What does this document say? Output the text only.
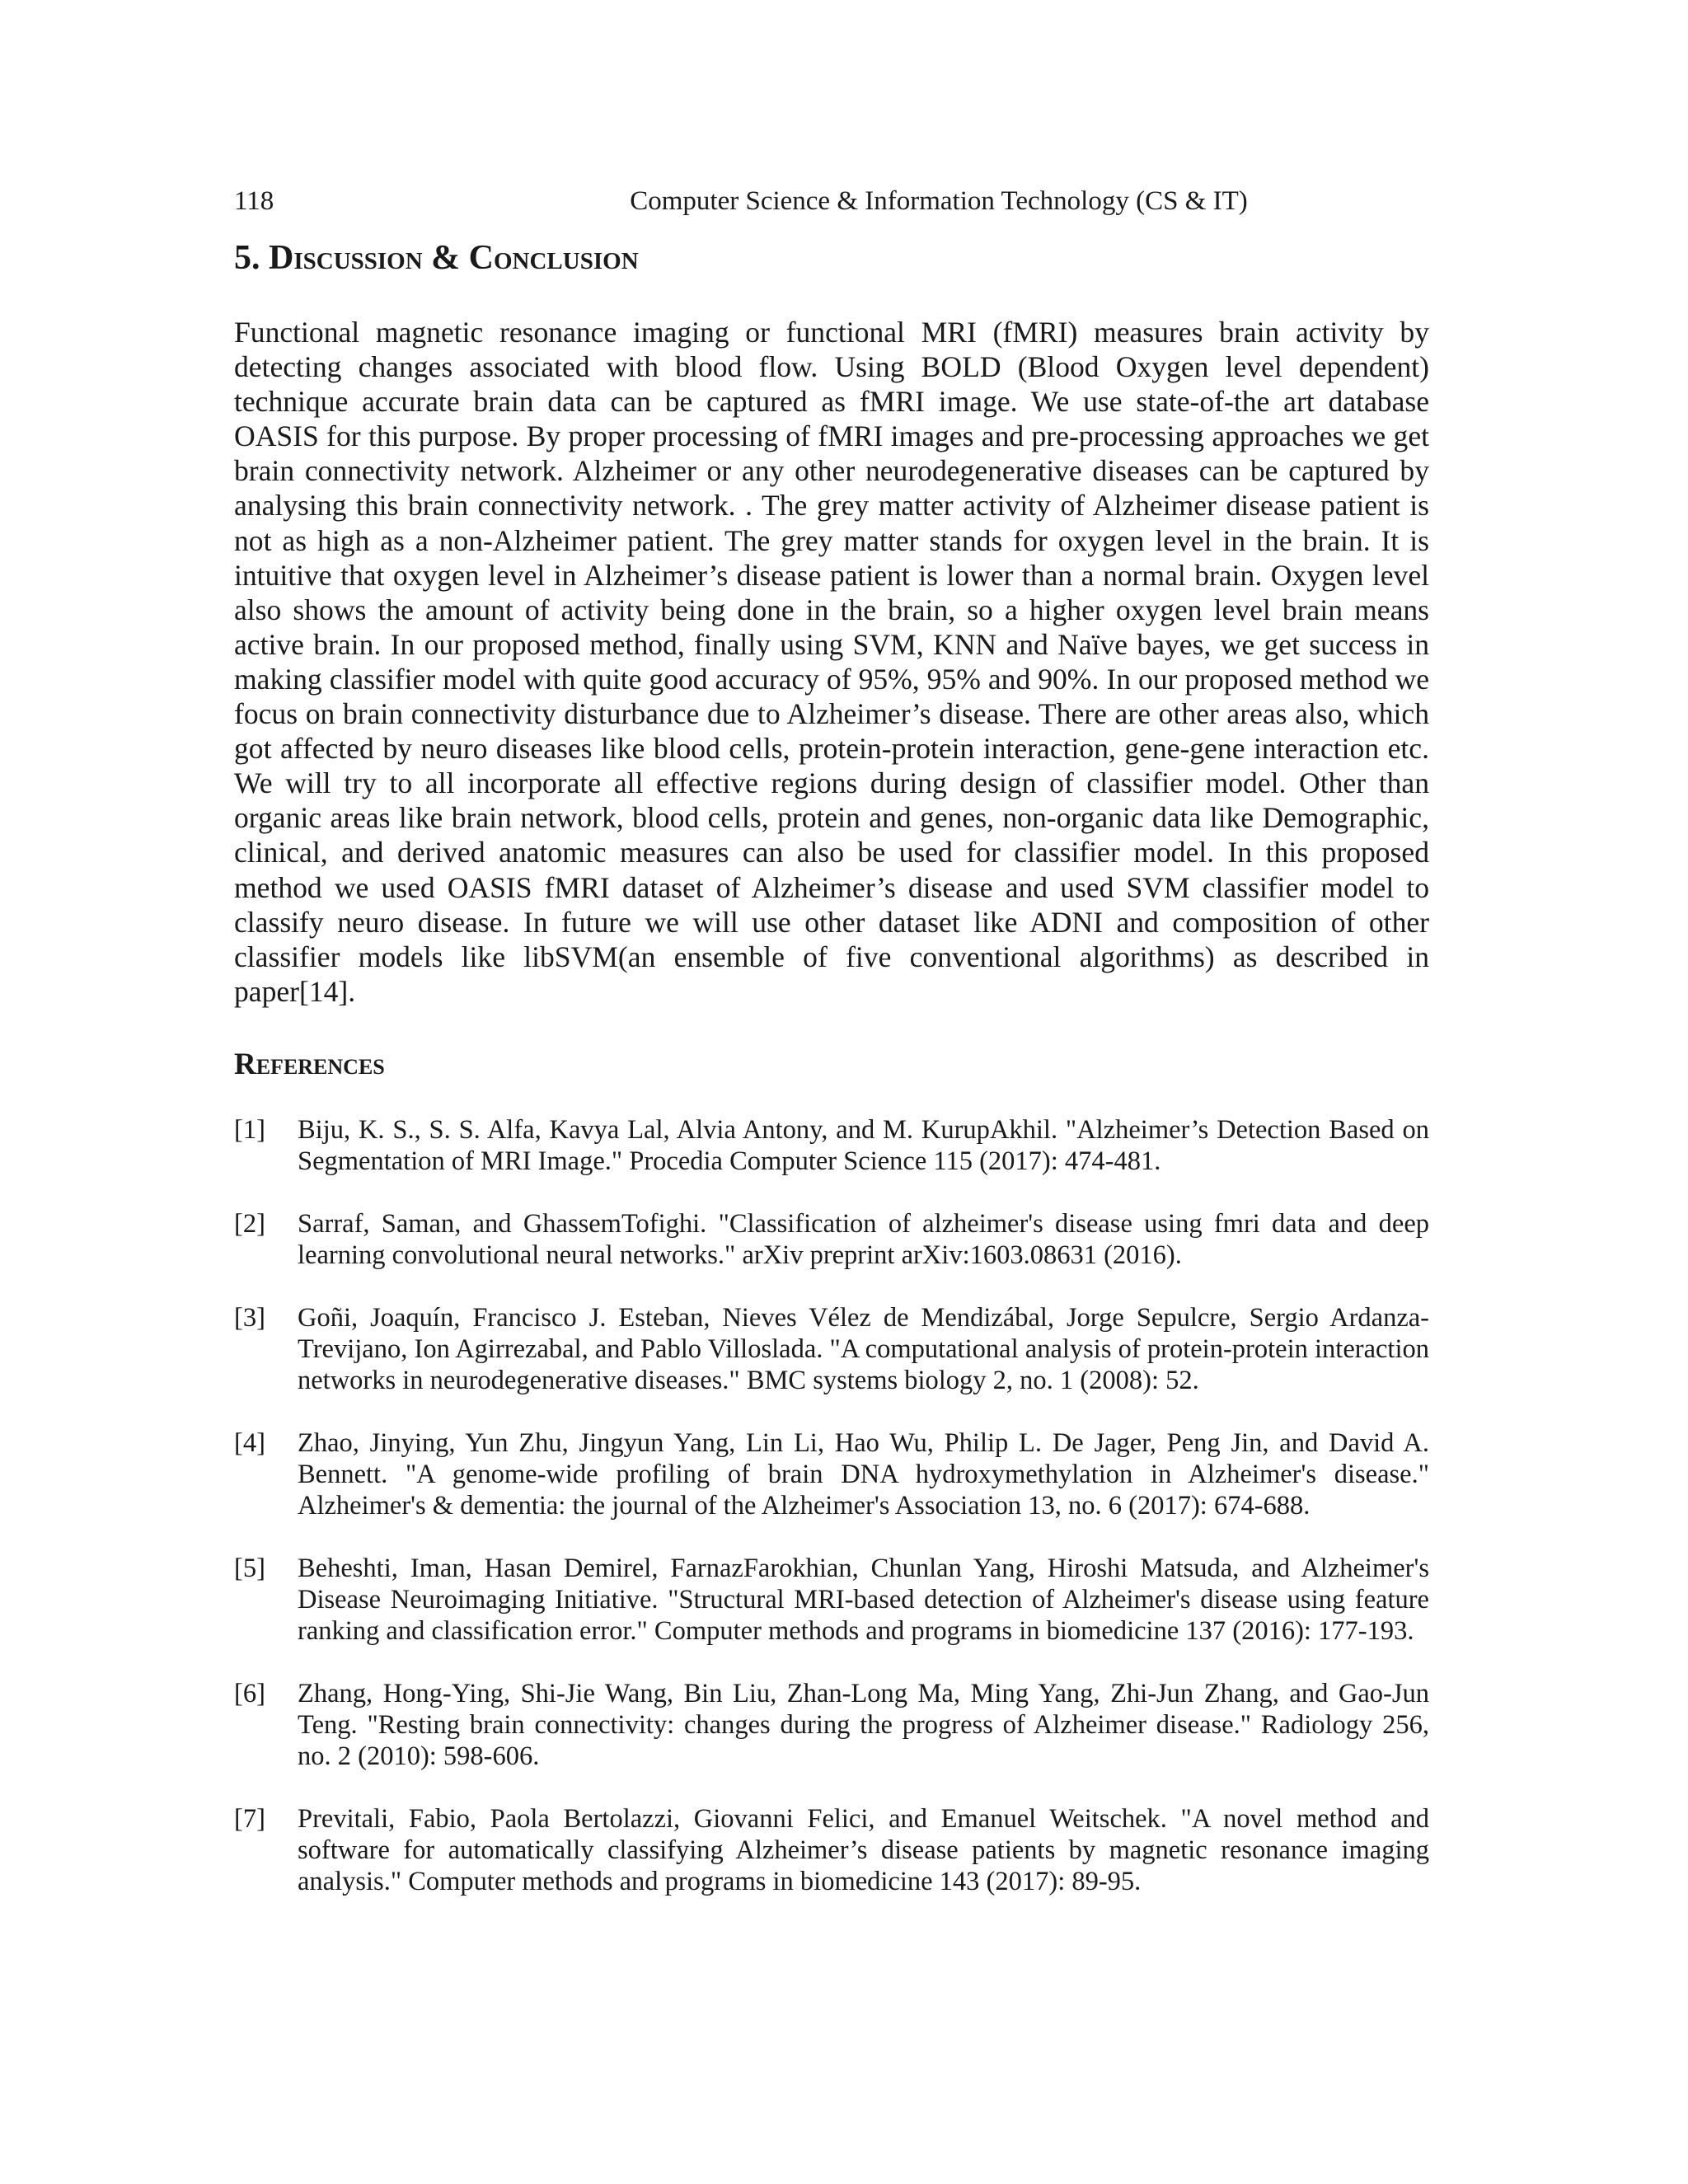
118	Computer Science & Information Technology (CS & IT)
5. Discussion & Conclusion

Functional magnetic resonance imaging or functional MRI (fMRI) measures brain activity by detecting changes associated with blood flow. Using BOLD (Blood Oxygen level dependent) technique accurate brain data can be captured as fMRI image. We use state-of-the art database OASIS for this purpose. By proper processing of fMRI images and pre-processing approaches we get brain connectivity network. Alzheimer or any other neurodegenerative diseases can be captured by analysing this brain connectivity network. . The grey matter activity of Alzheimer disease patient is not as high as a non-Alzheimer patient. The grey matter stands for oxygen level in the brain. It is intuitive that oxygen level in Alzheimer’s disease patient is lower than a normal brain. Oxygen level also shows the amount of activity being done in the brain, so a higher oxygen level brain means active brain. In our proposed method, finally using SVM, KNN and Naïve bayes, we get success in making classifier model with quite good accuracy of 95%, 95% and 90%. In our proposed method we focus on brain connectivity disturbance due to Alzheimer’s disease. There are other areas also, which got affected by neuro diseases like blood cells, protein-protein interaction, gene-gene interaction etc. We will try to all incorporate all effective regions during design of classifier model. Other than organic areas like brain network, blood cells, protein and genes, non-organic data like Demographic, clinical, and derived anatomic measures can also be used for classifier model. In this proposed method we used OASIS fMRI dataset of Alzheimer’s disease and used SVM classifier model to classify neuro disease. In future we will use other dataset like ADNI and composition of other classifier models like libSVM(an ensemble of five conventional algorithms) as described in paper[14].

References
[1] Biju, K. S., S. S. Alfa, Kavya Lal, Alvia Antony, and M. KurupAkhil. "Alzheimer’s Detection Based on Segmentation of MRI Image." Procedia Computer Science 115 (2017): 474-481.
[2] Sarraf, Saman, and GhassemTofighi. "Classification of alzheimer's disease using fmri data and deep learning convolutional neural networks." arXiv preprint arXiv:1603.08631 (2016).
[3] Goñi, Joaquín, Francisco J. Esteban, Nieves Vélez de Mendizábal, Jorge Sepulcre, Sergio Ardanza-Trevijano, Ion Agirrezabal, and Pablo Villoslada. "A computational analysis of protein-protein interaction networks in neurodegenerative diseases." BMC systems biology 2, no. 1 (2008): 52.
[4] Zhao, Jinying, Yun Zhu, Jingyun Yang, Lin Li, Hao Wu, Philip L. De Jager, Peng Jin, and David A. Bennett. "A genome-wide profiling of brain DNA hydroxymethylation in Alzheimer's disease." Alzheimer's & dementia: the journal of the Alzheimer's Association 13, no. 6 (2017): 674-688.
[5] Beheshti, Iman, Hasan Demirel, FarnazFarokhian, Chunlan Yang, Hiroshi Matsuda, and Alzheimer's Disease Neuroimaging Initiative. "Structural MRI-based detection of Alzheimer's disease using feature ranking and classification error." Computer methods and programs in biomedicine 137 (2016): 177-193.
[6] Zhang, Hong-Ying, Shi-Jie Wang, Bin Liu, Zhan-Long Ma, Ming Yang, Zhi-Jun Zhang, and Gao-Jun Teng. "Resting brain connectivity: changes during the progress of Alzheimer disease." Radiology 256, no. 2 (2010): 598-606.
[7] Previtali, Fabio, Paola Bertolazzi, Giovanni Felici, and Emanuel Weitschek. "A novel method and software for automatically classifying Alzheimer’s disease patients by magnetic resonance imaging analysis." Computer methods and programs in biomedicine 143 (2017): 89-95.
